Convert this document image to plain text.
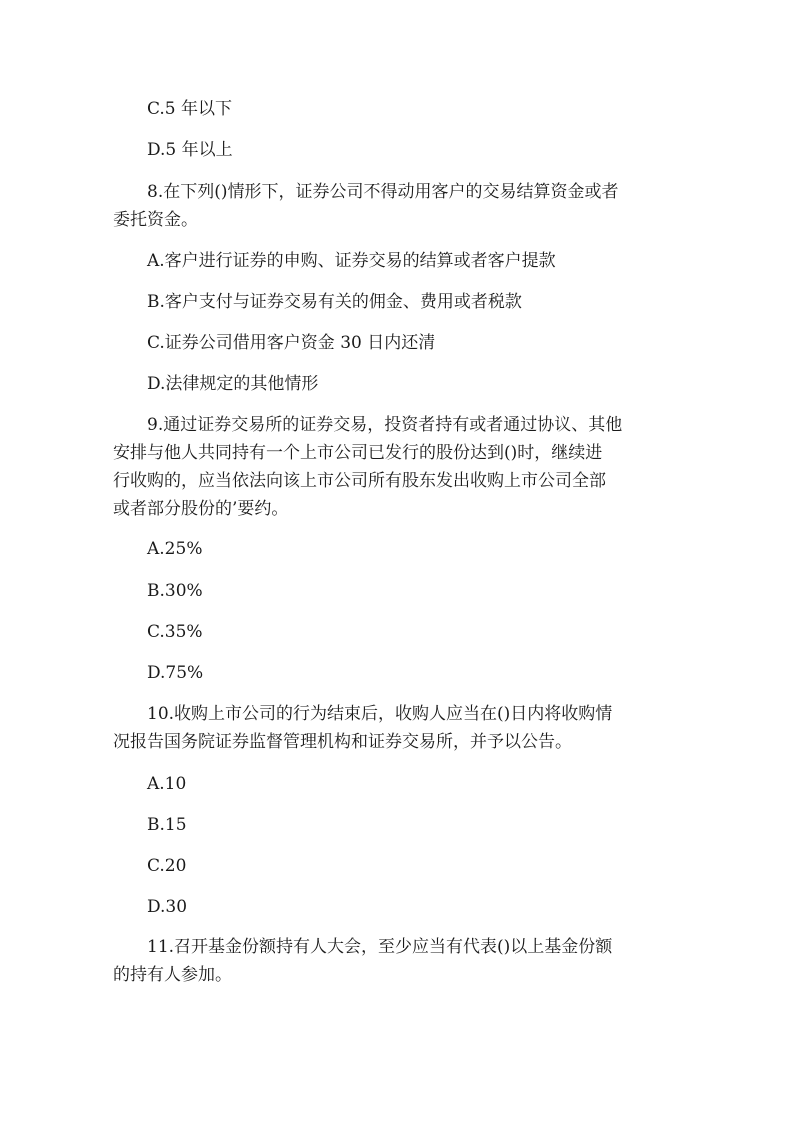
C.5 年以下
D.5 年以上
8.在下列()情形下，证券公司不得动用客户的交易结算资金或者
委托资金。
A.客户进行证券的申购、证券交易的结算或者客户提款
B.客户支付与证券交易有关的佣金、费用或者税款
C.证券公司借用客户资金 30 日内还清
D.法律规定的其他情形
9.通过证券交易所的证券交易，投资者持有或者通过协议、其他
安排与他人共同持有一个上市公司已发行的股份达到()时，继续进
行收购的，应当依法向该上市公司所有股东发出收购上市公司全部
或者部分股份的’要约。
A.25%
B.30%
C.35%
D.75%
10.收购上市公司的行为结束后，收购人应当在()日内将收购情
况报告国务院证券监督管理机构和证券交易所，并予以公告。
A.10
B.15
C.20
D.30
11.召开基金份额持有人大会，至少应当有代表()以上基金份额
的持有人参加。
